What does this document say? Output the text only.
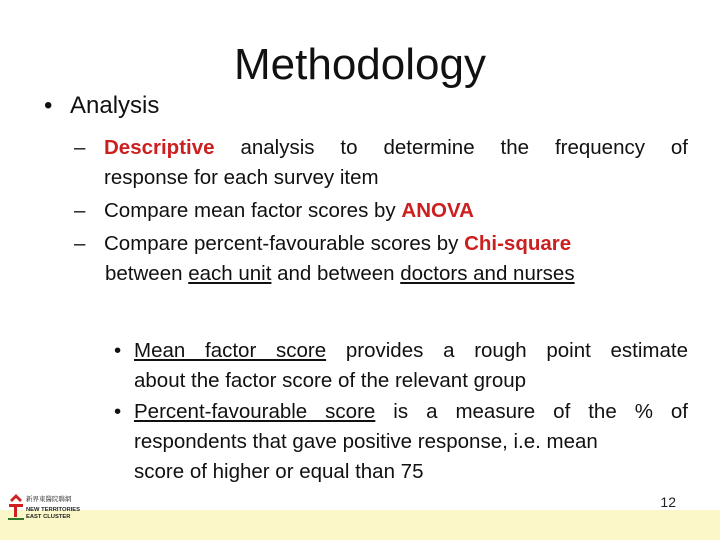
Methodology
• Analysis
– Descriptive analysis to determine the frequency of
response for each survey item
– Compare mean factor scores by ANOVA
– Compare percent-favourable scores by Chi-square
between each unit and between doctors and nurses
• Mean factor score provides a rough point estimate
about the factor score of the relevant group
• Percent-favourable score is a measure of the % of
respondents that gave positive response, i.e. mean
score of higher or equal than 75
12
新界東醫院聯網
NEW TERRITORIES
EAST CLUSTER
